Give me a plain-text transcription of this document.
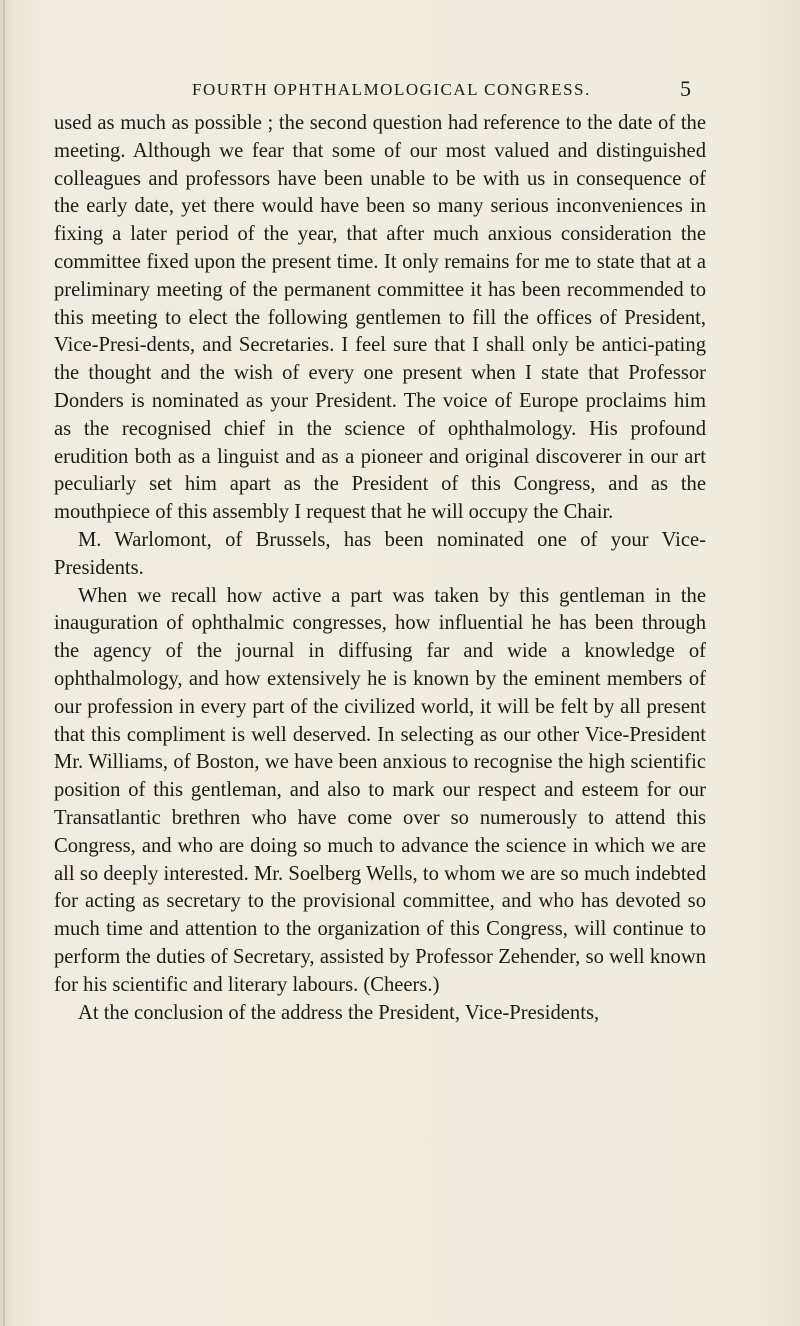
FOURTH OPHTHALMOLOGICAL CONGRESS.	5

used as much as possible ; the second question had reference to the date of the meeting. Although we fear that some of our most valued and distinguished colleagues and professors have been unable to be with us in consequence of the early date, yet there would have been so many serious inconveniences in fixing a later period of the year, that after much anxious consideration the committee fixed upon the present time. It only remains for me to state that at a preliminary meeting of the permanent committee it has been recommended to this meeting to elect the following gentlemen to fill the offices of President, Vice-Presi-dents, and Secretaries. I feel sure that I shall only be antici-pating the thought and the wish of every one present when I state that Professor Donders is nominated as your President. The voice of Europe proclaims him as the recognised chief in the science of ophthalmology. His profound erudition both as a linguist and as a pioneer and original discoverer in our art peculiarly set him apart as the President of this Congress, and as the mouthpiece of this assembly I request that he will occupy the Chair.

M. Warlomont, of Brussels, has been nominated one of your Vice-Presidents.

When we recall how active a part was taken by this gentleman in the inauguration of ophthalmic congresses, how influential he has been through the agency of the journal in diffusing far and wide a knowledge of ophthalmology, and how extensively he is known by the eminent members of our profession in every part of the civilized world, it will be felt by all present that this compliment is well deserved. In selecting as our other Vice-President Mr. Williams, of Boston, we have been anxious to recognise the high scientific position of this gentleman, and also to mark our respect and esteem for our Transatlantic brethren who have come over so numerously to attend this Congress, and who are doing so much to advance the science in which we are all so deeply interested. Mr. Soelberg Wells, to whom we are so much indebted for acting as secretary to the provisional committee, and who has devoted so much time and attention to the organization of this Congress, will continue to perform the duties of Secretary, assisted by Professor Zehender, so well known for his scientific and literary labours. (Cheers.)

At the conclusion of the address the President, Vice-Presidents,
